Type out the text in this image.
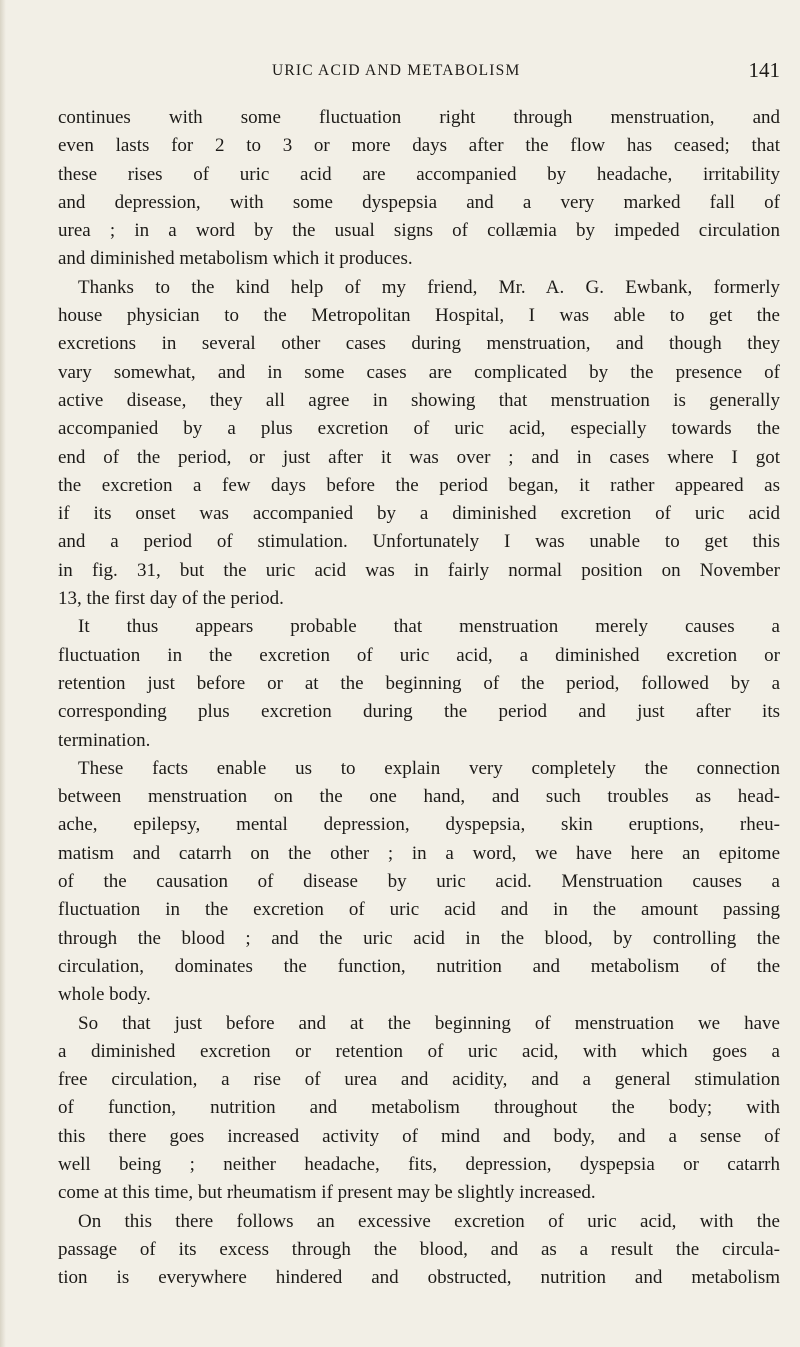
URIC ACID AND METABOLISM	141
continues with some fluctuation right through menstruation, and
even lasts for 2 to 3 or more days after the flow has ceased; that
these rises of uric acid are accompanied by headache, irritability
and depression, with some dyspepsia and a very marked fall of
urea ; in a word by the usual signs of collæmia by impeded circulation
and diminished metabolism which it produces.
Thanks to the kind help of my friend, Mr. A. G. Ewbank, formerly
house physician to the Metropolitan Hospital, I was able to get the
excretions in several other cases during menstruation, and though they
vary somewhat, and in some cases are complicated by the presence of
active disease, they all agree in showing that menstruation is generally
accompanied by a plus excretion of uric acid, especially towards the
end of the period, or just after it was over ; and in cases where I got
the excretion a few days before the period began, it rather appeared as
if its onset was accompanied by a diminished excretion of uric acid
and a period of stimulation. Unfortunately I was unable to get this
in fig. 31, but the uric acid was in fairly normal position on November
13, the first day of the period.
It thus appears probable that menstruation merely causes a
fluctuation in the excretion of uric acid, a diminished excretion or
retention just before or at the beginning of the period, followed by a
corresponding plus excretion during the period and just after its
termination.
These facts enable us to explain very completely the connection
between menstruation on the one hand, and such troubles as head-
ache, epilepsy, mental depression, dyspepsia, skin eruptions, rheu-
matism and catarrh on the other ; in a word, we have here an epitome
of the causation of disease by uric acid. Menstruation causes a
fluctuation in the excretion of uric acid and in the amount passing
through the blood ; and the uric acid in the blood, by controlling the
circulation, dominates the function, nutrition and metabolism of the
whole body.
So that just before and at the beginning of menstruation we have
a diminished excretion or retention of uric acid, with which goes a
free circulation, a rise of urea and acidity, and a general stimulation
of function, nutrition and metabolism throughout the body; with
this there goes increased activity of mind and body, and a sense of
well being ; neither headache, fits, depression, dyspepsia or catarrh
come at this time, but rheumatism if present may be slightly increased.
On this there follows an excessive excretion of uric acid, with the
passage of its excess through the blood, and as a result the circula-
tion is everywhere hindered and obstructed, nutrition and metabolism
